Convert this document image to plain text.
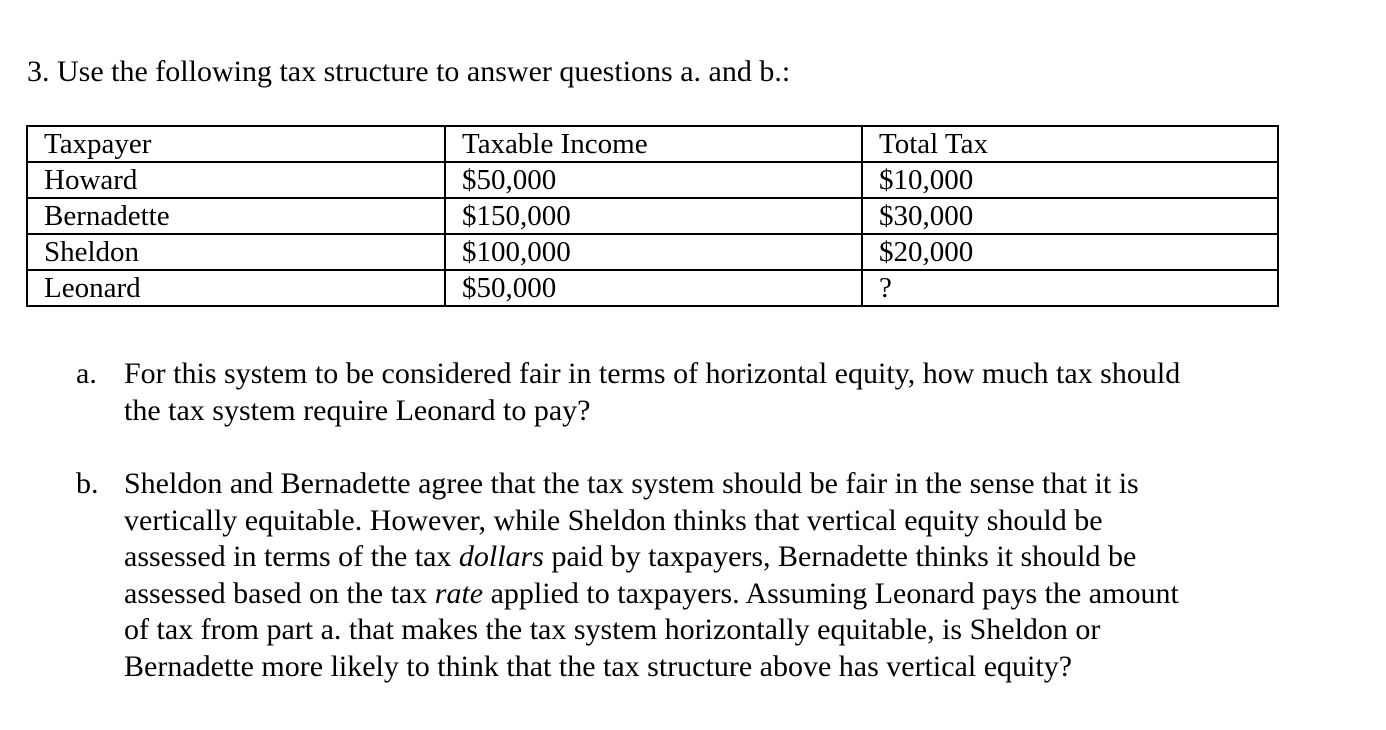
3. Use the following tax structure to answer questions a. and b.:
Taxpayer	Taxable Income	Total Tax
Howard	$50,000	$10,000
Bernadette	$150,000	$30,000
Sheldon	$100,000	$20,000
Leonard	$50,000	?
a. For this system to be considered fair in terms of horizontal equity, how much tax should
the tax system require Leonard to pay?
b. Sheldon and Bernadette agree that the tax system should be fair in the sense that it is
vertically equitable. However, while Sheldon thinks that vertical equity should be
assessed in terms of the tax dollars paid by taxpayers, Bernadette thinks it should be
assessed based on the tax rate applied to taxpayers. Assuming Leonard pays the amount
of tax from part a. that makes the tax system horizontally equitable, is Sheldon or
Bernadette more likely to think that the tax structure above has vertical equity?
